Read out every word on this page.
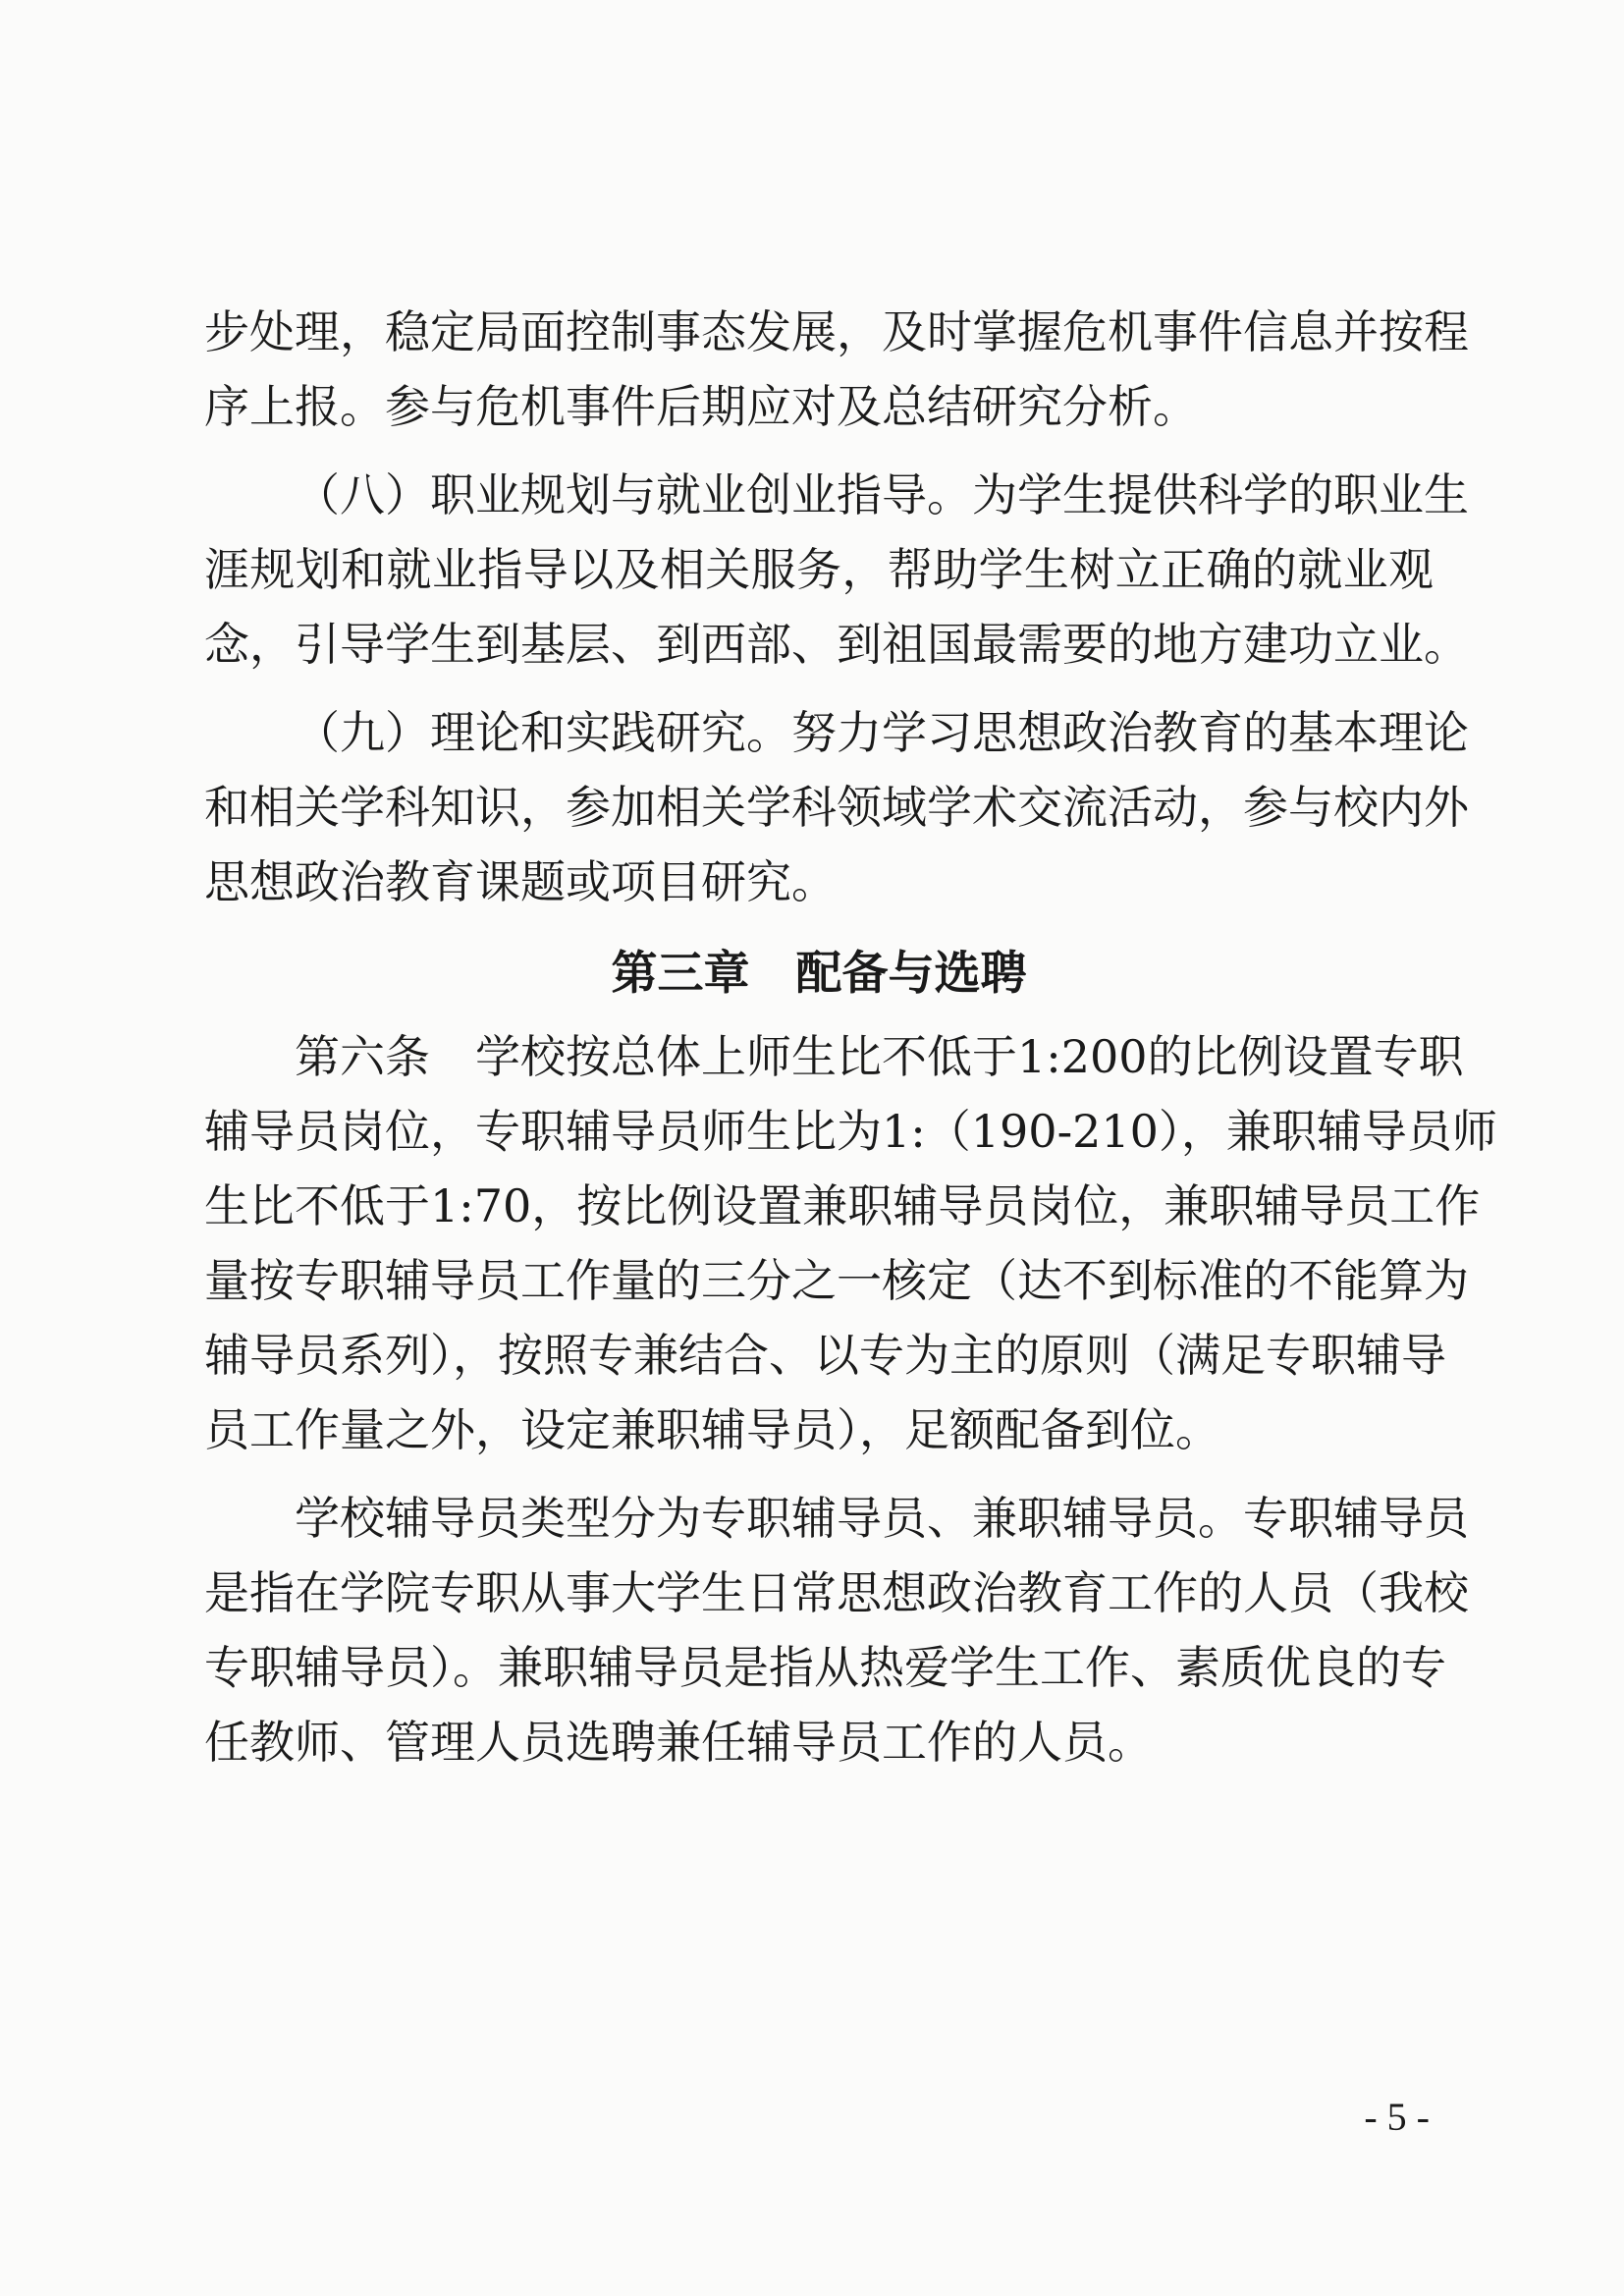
步处理，稳定局面控制事态发展，及时掌握危机事件信息并按程
序上报。参与危机事件后期应对及总结研究分析。
（八）职业规划与就业创业指导。为学生提供科学的职业生
涯规划和就业指导以及相关服务，帮助学生树立正确的就业观
念，引导学生到基层、到西部、到祖国最需要的地方建功立业。
（九）理论和实践研究。努力学习思想政治教育的基本理论
和相关学科知识，参加相关学科领域学术交流活动，参与校内外
思想政治教育课题或项目研究。
第三章　配备与选聘
第六条　学校按总体上师生比不低于1:200的比例设置专职
辅导员岗位，专职辅导员师生比为1:（190-210），兼职辅导员师
生比不低于1:70，按比例设置兼职辅导员岗位，兼职辅导员工作
量按专职辅导员工作量的三分之一核定（达不到标准的不能算为
辅导员系列），按照专兼结合、以专为主的原则（满足专职辅导
员工作量之外，设定兼职辅导员），足额配备到位。
学校辅导员类型分为专职辅导员、兼职辅导员。专职辅导员
是指在学院专职从事大学生日常思想政治教育工作的人员（我校
专职辅导员）。兼职辅导员是指从热爱学生工作、素质优良的专
任教师、管理人员选聘兼任辅导员工作的人员。
- 5 -
